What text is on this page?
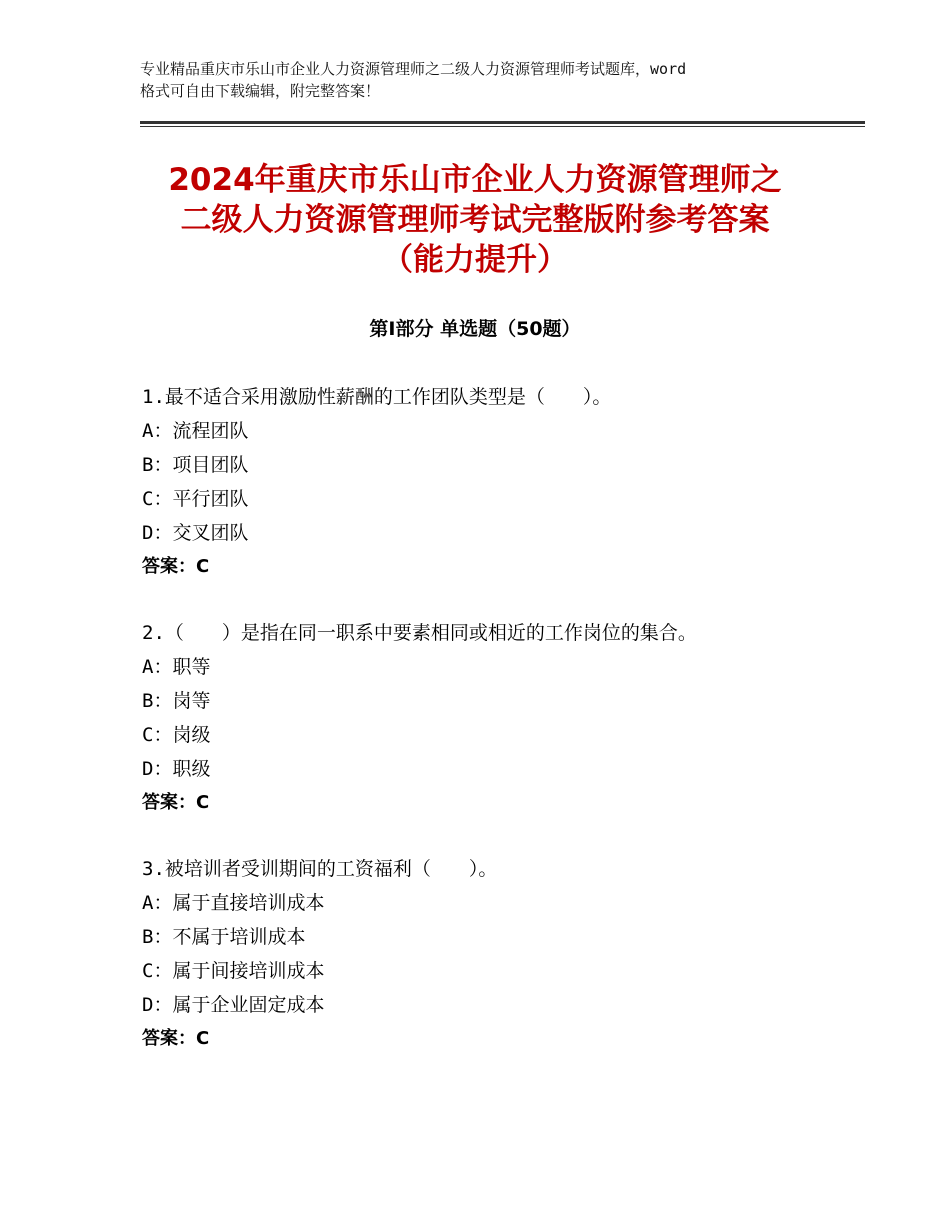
专业精品重庆市乐山市企业人力资源管理师之二级人力资源管理师考试题库，word
格式可自由下载编辑，附完整答案！
2024年重庆市乐山市企业人力资源管理师之
二级人力资源管理师考试完整版附参考答案
（能力提升）
第Ⅰ部分 单选题（50题）
1.最不适合采用激励性薪酬的工作团队类型是（　　）。
A：流程团队
B：项目团队
C：平行团队
D：交叉团队
答案：C
2.（　　）是指在同一职系中要素相同或相近的工作岗位的集合。
A：职等
B：岗等
C：岗级
D：职级
答案：C
3.被培训者受训期间的工资福利（　　）。
A：属于直接培训成本
B：不属于培训成本
C：属于间接培训成本
D：属于企业固定成本
答案：C
